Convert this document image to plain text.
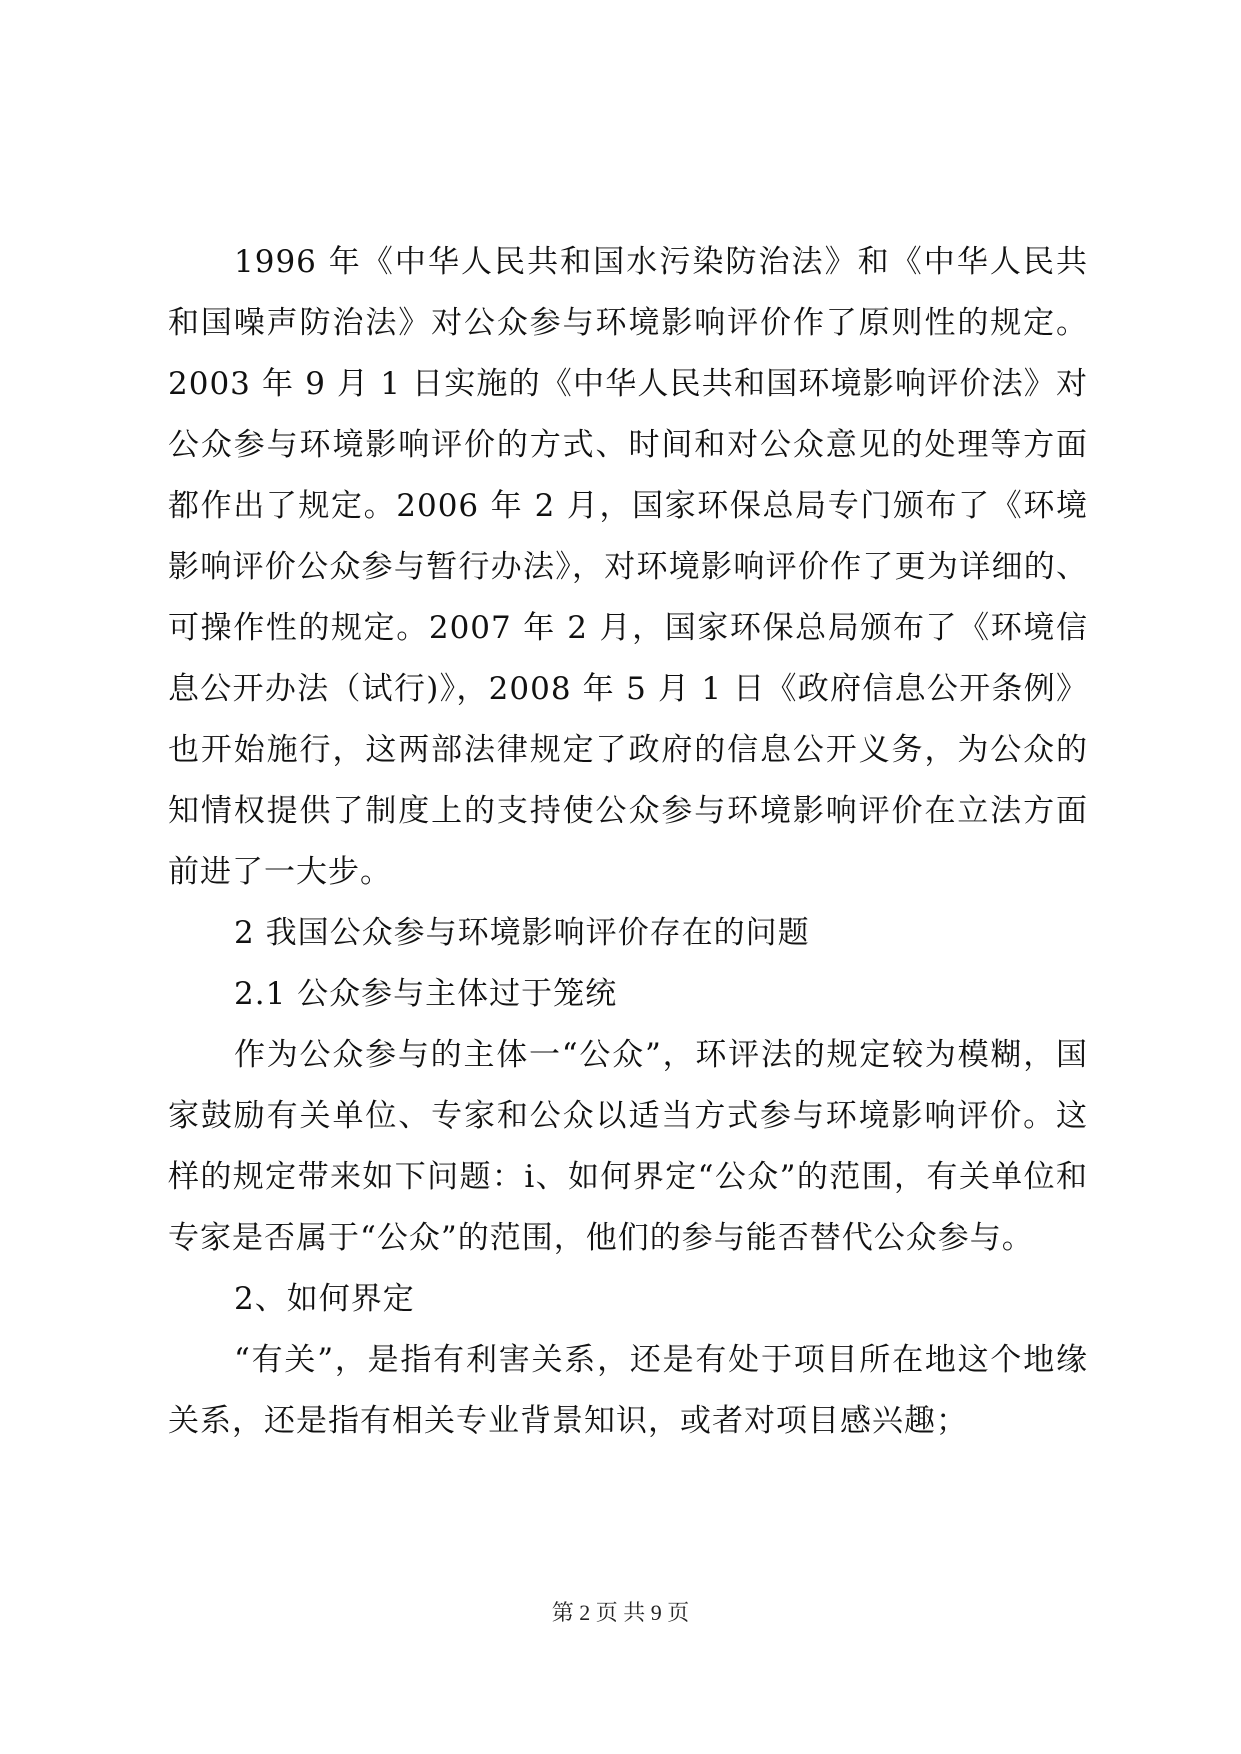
1996 年《中华人民共和国水污染防治法》和《中华人民共和国噪声防治法》对公众参与环境影响评价作了原则性的规定。2003 年 9 月 1 日实施的《中华人民共和国环境影响评价法》对公众参与环境影响评价的方式、时间和对公众意见的处理等方面都作出了规定。2006 年 2 月，国家环保总局专门颁布了《环境影响评价公众参与暂行办法》，对环境影响评价作了更为详细的、可操作性的规定。2007 年 2 月，国家环保总局颁布了《环境信息公开办法（试行)》，2008 年 5 月 1 日《政府信息公开条例》也开始施行，这两部法律规定了政府的信息公开义务，为公众的知情权提供了制度上的支持使公众参与环境影响评价在立法方面前进了一大步。

2 我国公众参与环境影响评价存在的问题

2.1 公众参与主体过于笼统

作为公众参与的主体一“公众”，环评法的规定较为模糊，国家鼓励有关单位、专家和公众以适当方式参与环境影响评价。这样的规定带来如下问题：i、如何界定“公众”的范围，有关单位和专家是否属于“公众”的范围，他们的参与能否替代公众参与。

2、如何界定

“有关”，是指有利害关系，还是有处于项目所在地这个地缘关系，还是指有相关专业背景知识，或者对项目感兴趣；

第 2 页 共 9 页
